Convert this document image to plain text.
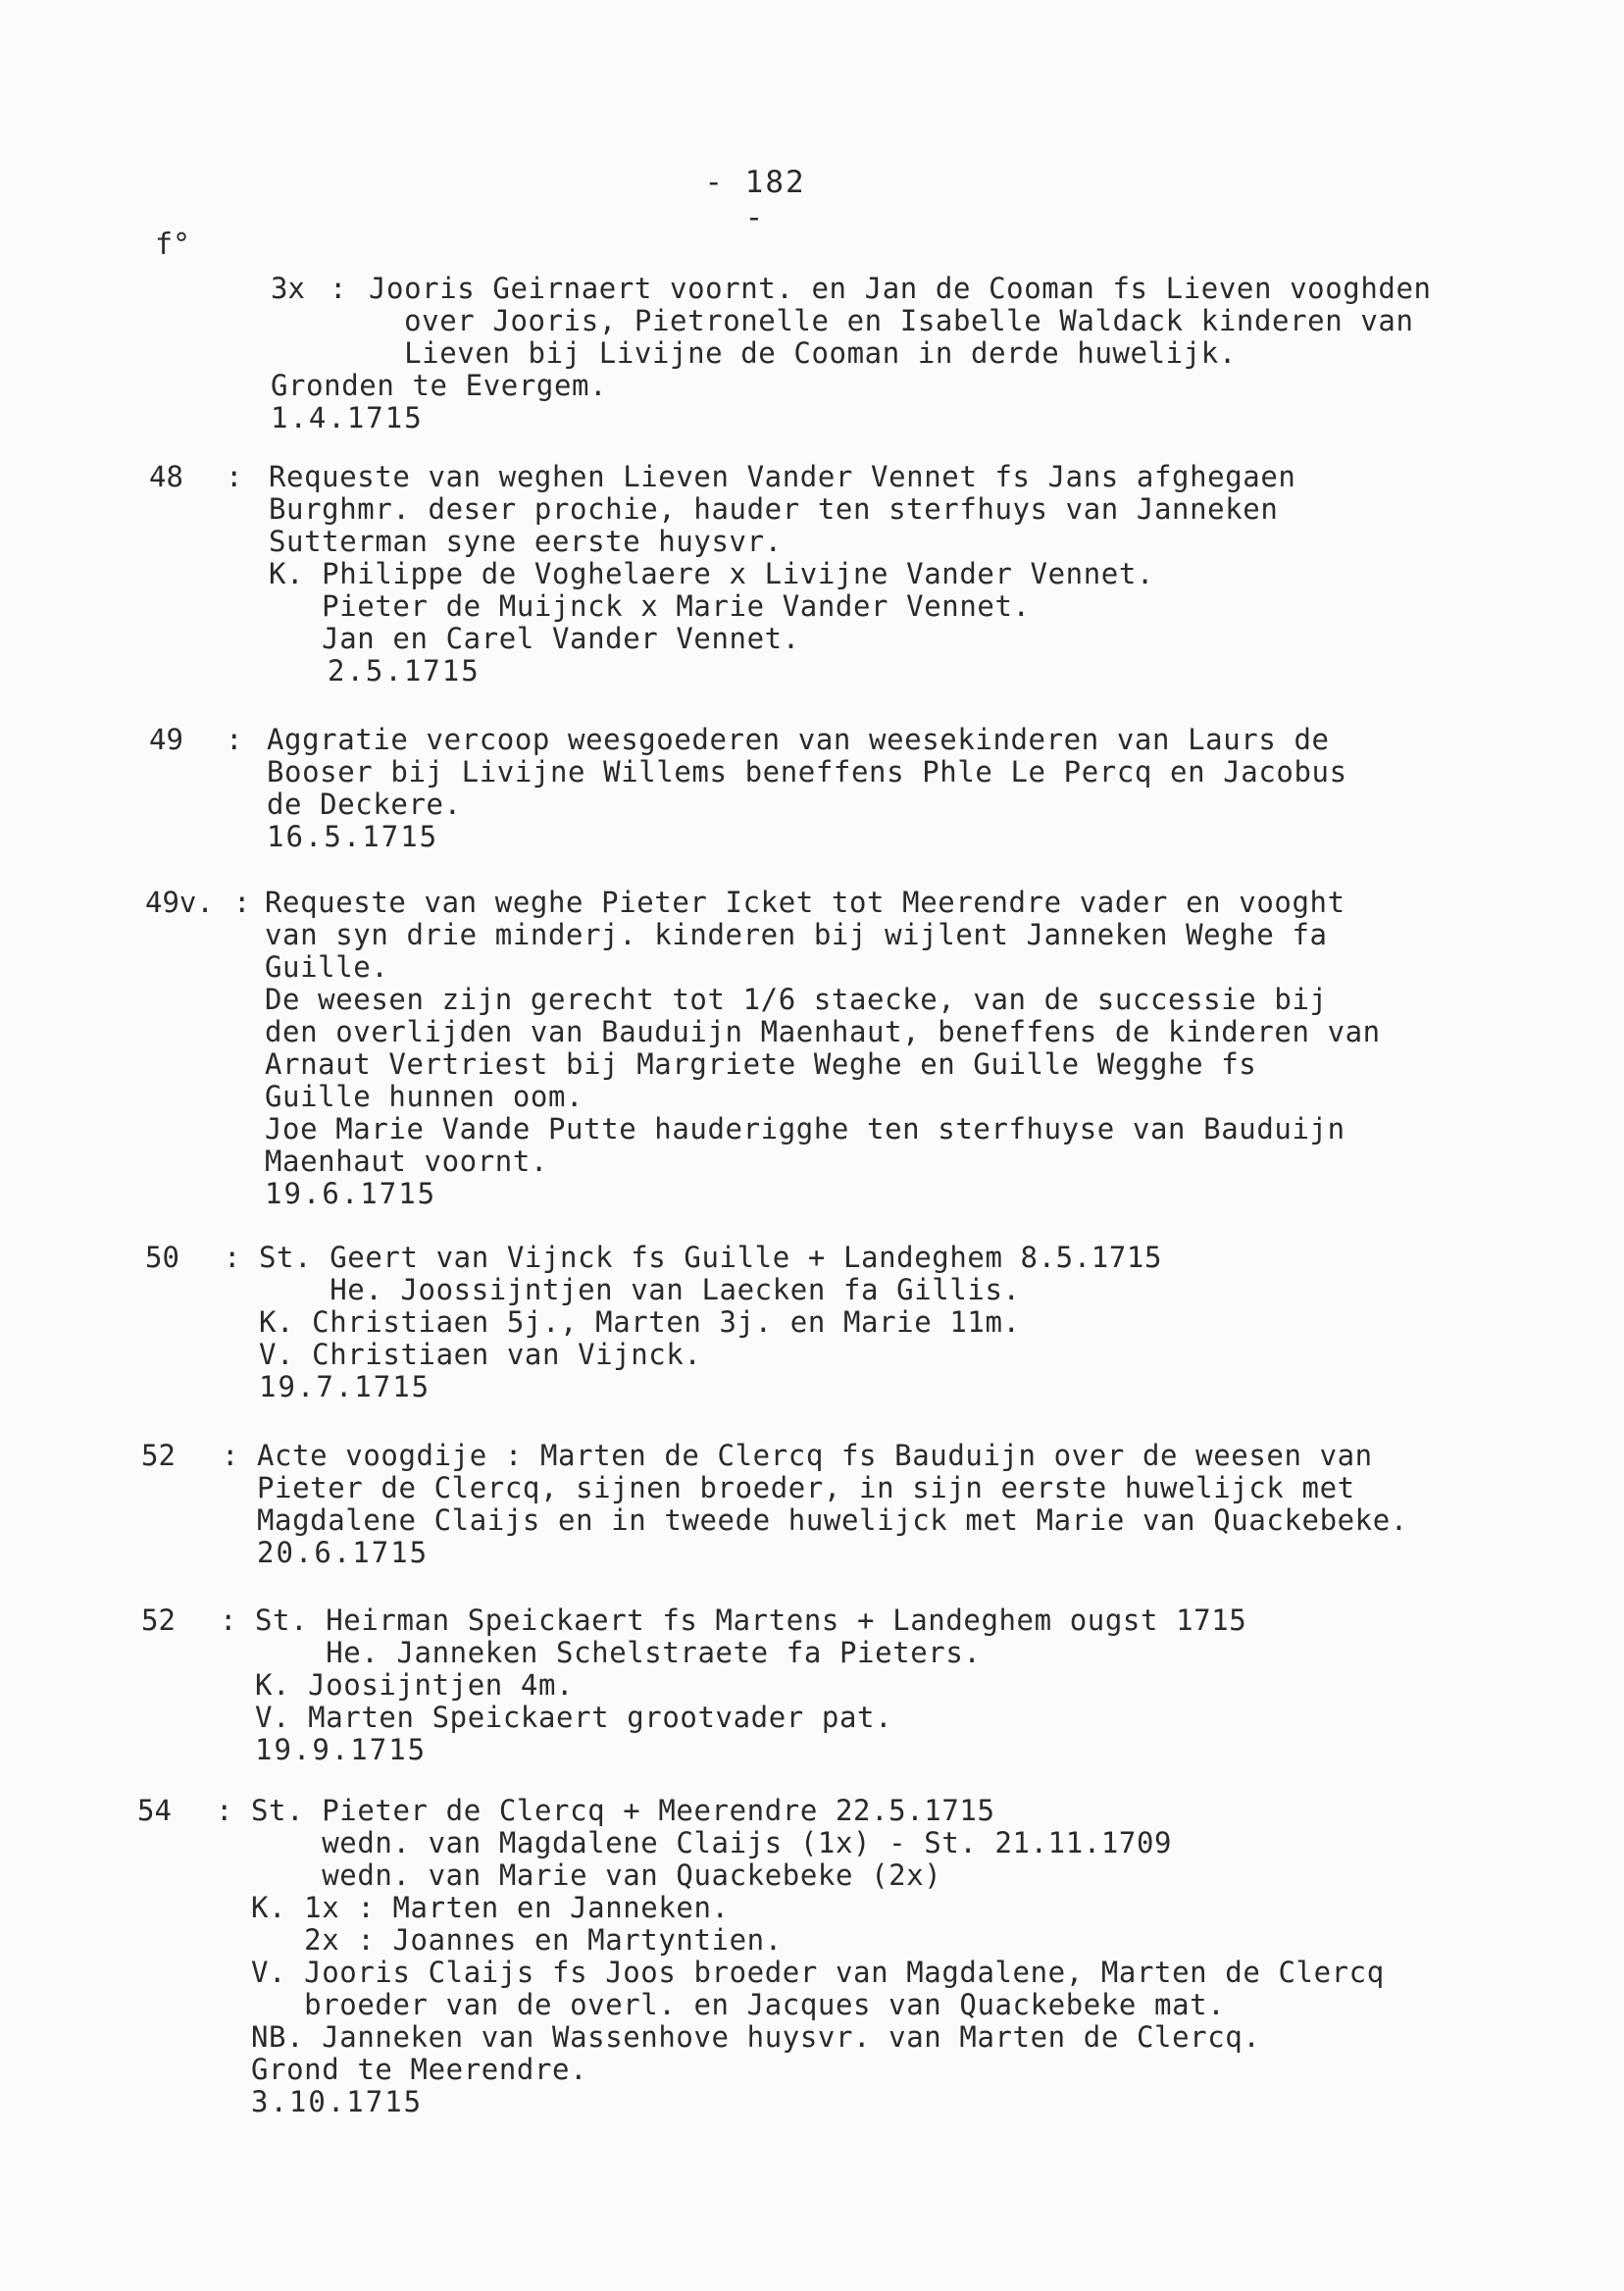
- 182 -
f°
3x : Jooris Geirnaert voornt. en Jan de Cooman fs Lieven vooghden
over Jooris, Pietronelle en Isabelle Waldack kinderen van
Lieven bij Livijne de Cooman in derde huwelijk.
Gronden te Evergem.
1.4.1715
48 : Requeste van weghen Lieven Vander Vennet fs Jans afghegaen
Burghmr. deser prochie, hauder ten sterfhuys van Janneken
Sutterman syne eerste huysvr.
K. Philippe de Voghelaere x Livijne Vander Vennet.
Pieter de Muijnck x Marie Vander Vennet.
Jan en Carel Vander Vennet.
2.5.1715
49 : Aggratie vercoop weesgoederen van weesekinderen van Laurs de
Booser bij Livijne Willems beneffens Phle Le Percq en Jacobus
de Deckere.
16.5.1715
49v. : Requeste van weghe Pieter Icket tot Meerendre vader en vooght
van syn drie minderj. kinderen bij wijlent Janneken Weghe fa
Guille.
De weesen zijn gerecht tot 1/6 staecke, van de successie bij
den overlijden van Bauduijn Maenhaut, beneffens de kinderen van
Arnaut Vertriest bij Margriete Weghe en Guille Wegghe fs
Guille hunnen oom.
Joe Marie Vande Putte hauderigghe ten sterfhuyse van Bauduijn
Maenhaut voornt.
19.6.1715
50 : St. Geert van Vijnck fs Guille + Landeghem 8.5.1715
He. Joossijntjen van Laecken fa Gillis.
K. Christiaen 5j., Marten 3j. en Marie 11m.
V. Christiaen van Vijnck.
19.7.1715
52 : Acte voogdije : Marten de Clercq fs Bauduijn over de weesen van
Pieter de Clercq, sijnen broeder, in sijn eerste huwelijck met
Magdalene Claijs en in tweede huwelijck met Marie van Quackebeke.
20.6.1715
52 : St. Heirman Speickaert fs Martens + Landeghem ougst 1715
He. Janneken Schelstraete fa Pieters.
K. Joosijntjen 4m.
V. Marten Speickaert grootvader pat.
19.9.1715
54 : St. Pieter de Clercq + Meerendre 22.5.1715
wedn. van Magdalene Claijs (1x) - St. 21.11.1709
wedn. van Marie van Quackebeke (2x)
K. 1x : Marten en Janneken.
2x : Joannes en Martyntien.
V. Jooris Claijs fs Joos broeder van Magdalene, Marten de Clercq
broeder van de overl. en Jacques van Quackebeke mat.
NB. Janneken van Wassenhove huysvr. van Marten de Clercq.
Grond te Meerendre.
3.10.1715
